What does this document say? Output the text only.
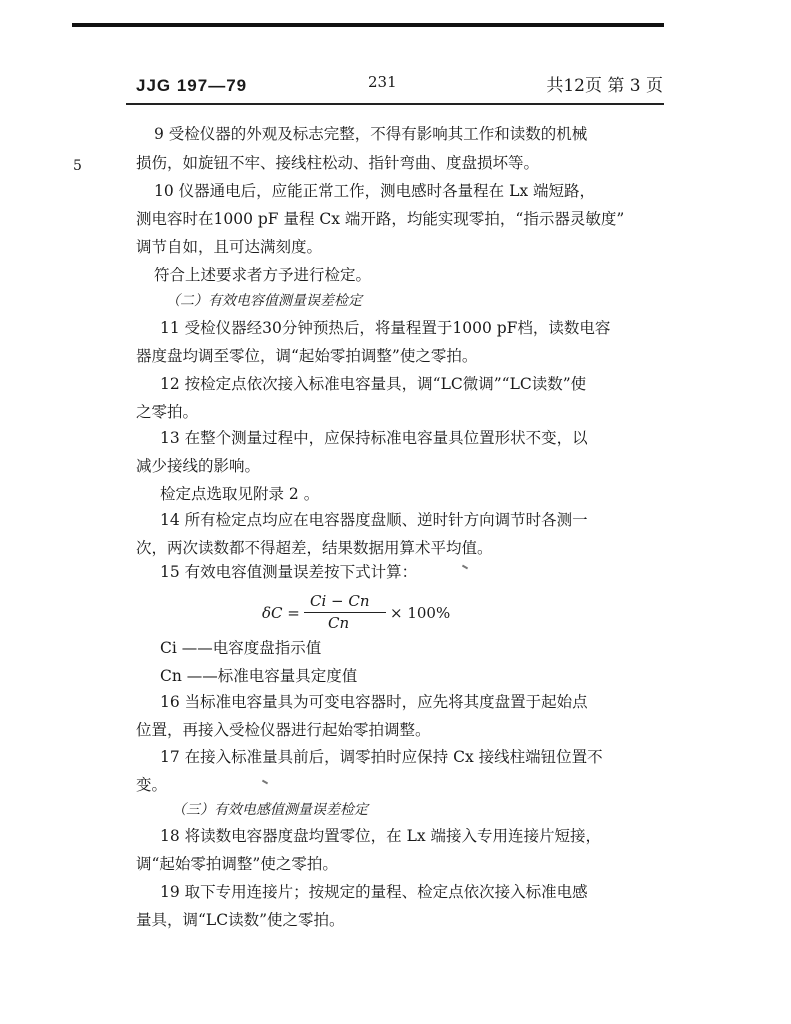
JJG 197—79	231	共12页 第 3 页
5
9 受检仪器的外观及标志完整，不得有影响其工作和读数的机械
损伤，如旋钮不牢、接线柱松动、指针弯曲、度盘损坏等。
10 仪器通电后，应能正常工作，测电感时各量程在 Lx 端短路，
测电容时在1000 pF 量程 Cx 端开路，均能实现零拍，“指示器灵敏度”
调节自如，且可达满刻度。
符合上述要求者方予进行检定。
（二）有效电容值测量误差检定
11 受检仪器经30分钟预热后，将量程置于1000 pF档，读数电容
器度盘均调至零位，调“起始零拍调整”使之零拍。
12 按检定点依次接入标准电容量具，调“LC微调”“LC读数”使
之零拍。
13 在整个测量过程中，应保持标准电容量具位置形状不变，以
减少接线的影响。
检定点选取见附录 2 。
14 所有检定点均应在电容器度盘顺、逆时针方向调节时各测一
次，两次读数都不得超差，结果数据用算术平均值。
15 有效电容值测量误差按下式计算：
δC =
Ci − Cn
Cn
× 100%
Ci ——电容度盘指示值
Cn ——标准电容量具定度值
16 当标准电容量具为可变电容器时，应先将其度盘置于起始点
位置，再接入受检仪器进行起始零拍调整。
17 在接入标准量具前后，调零拍时应保持 Cx 接线柱端钮位置不
变。
（三）有效电感值测量误差检定
18 将读数电容器度盘均置零位，在 Lx 端接入专用连接片短接，
调“起始零拍调整”使之零拍。
19 取下专用连接片；按规定的量程、检定点依次接入标准电感
量具，调“LC读数”使之零拍。
